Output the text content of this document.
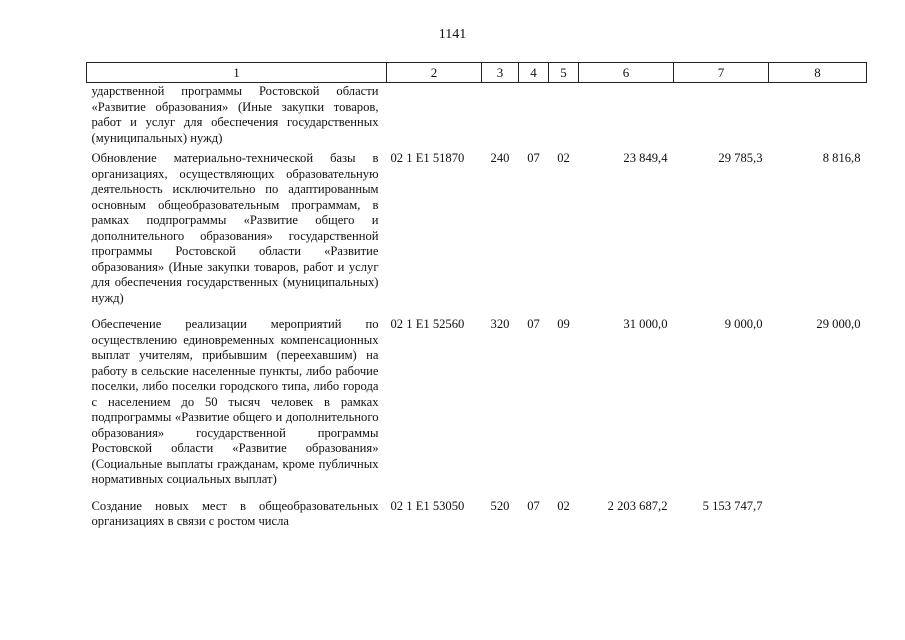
1141
1	2	3	4	5	6	7	8
ударственной программы Ростовской области «Развитие образования» (Иные закупки товаров, работ и услуг для обеспечения государственных (муниципальных) нужд)							
Обновление материально-технической базы в организациях, осуществляющих образовательную деятельность исключительно по адаптированным основным общеобразовательным программам, в рамках подпрограммы «Развитие общего и дополнительного образования» государственной программы Ростовской области «Развитие образования» (Иные закупки товаров, работ и услуг для обеспечения государственных (муниципальных) нужд)	02 1 E1 51870	240	07	02	23 849,4	29 785,3	8 816,8
Обеспечение реализации мероприятий по осуществлению единовременных компенсационных выплат учителям, прибывшим (переехавшим) на работу в сельские населенные пункты, либо рабочие поселки, либо поселки городского типа, либо города с населением до 50 тысяч человек в рамках подпрограммы «Развитие общего и дополнительного образования» государственной программы Ростовской области «Развитие образования» (Социальные выплаты гражданам, кроме публичных нормативных социальных выплат)	02 1 E1 52560	320	07	09	31 000,0	9 000,0	29 000,0
Создание новых мест в общеобразовательных организациях в связи с ростом числа	02 1 E1 53050	520	07	02	2 203 687,2	5 153 747,7	
